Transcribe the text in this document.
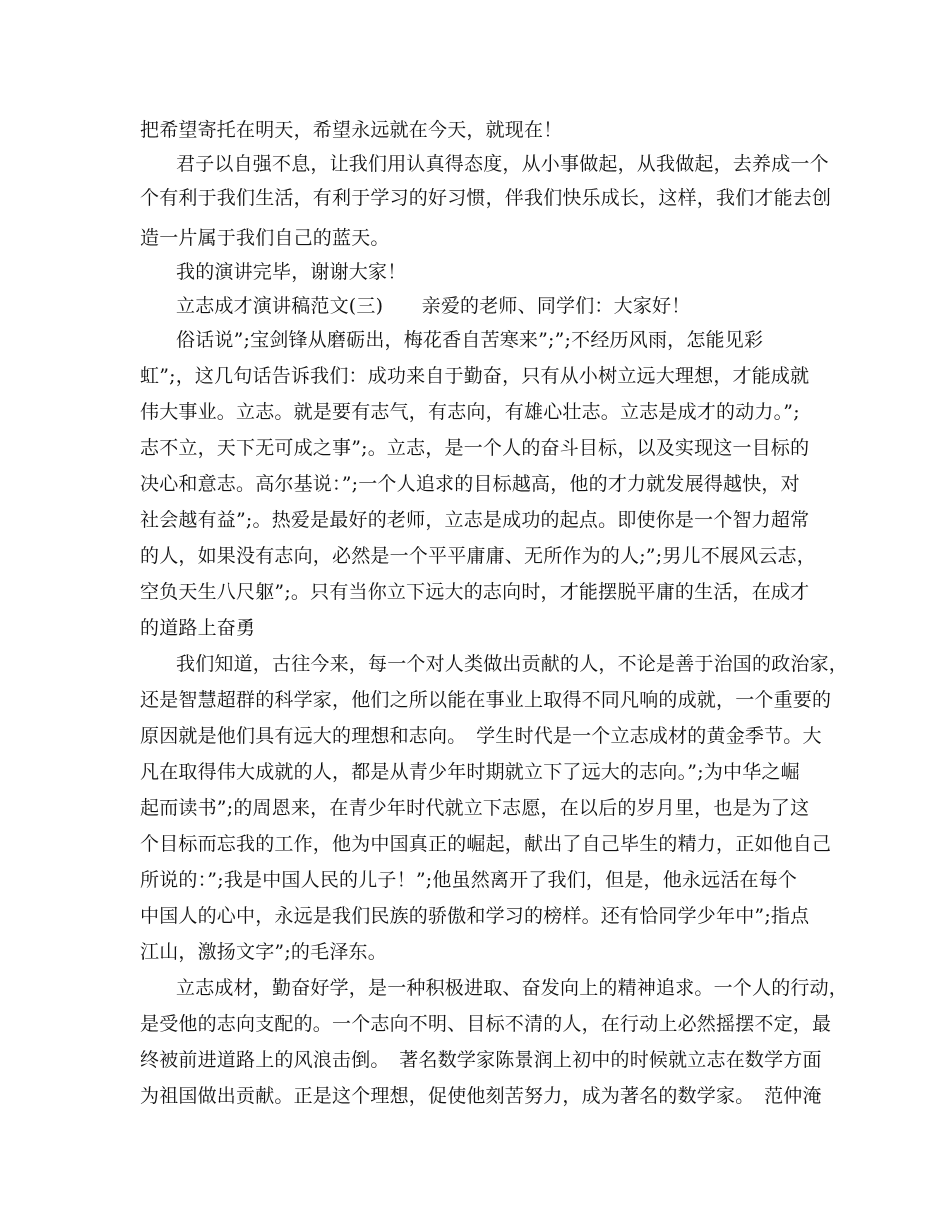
把希望寄托在明天，希望永远就在今天，就现在！

君子以自强不息，让我们用认真得态度，从小事做起，从我做起，去养成一个

个有利于我们生活，有利于学习的好习惯，伴我们快乐成长，这样，我们才能去创

造一片属于我们自己的蓝天。

我的演讲完毕，谢谢大家！

立志成才演讲稿范文(三)　　亲爱的老师、同学们：大家好！

俗话说”;宝剑锋从磨砺出，梅花香自苦寒来”;”;不经历风雨，怎能见彩

虹”;，这几句话告诉我们：成功来自于勤奋，只有从小树立远大理想，才能成就

伟大事业。立志。就是要有志气，有志向，有雄心壮志。立志是成才的动力。”;

志不立，天下无可成之事”;。立志，是一个人的奋斗目标，以及实现这一目标的

决心和意志。高尔基说：”;一个人追求的目标越高，他的才力就发展得越快，对

社会越有益”;。热爱是最好的老师，立志是成功的起点。即使你是一个智力超常

的人，如果没有志向，必然是一个平平庸庸、无所作为的人;”;男儿不展风云志，

空负天生八尺躯”;。只有当你立下远大的志向时，才能摆脱平庸的生活，在成才

的道路上奋勇

我们知道，古往今来，每一个对人类做出贡献的人，不论是善于治国的政治家，

还是智慧超群的科学家，他们之所以能在事业上取得不同凡响的成就，一个重要的

原因就是他们具有远大的理想和志向。　学生时代是一个立志成材的黄金季节。大

凡在取得伟大成就的人，都是从青少年时期就立下了远大的志向。”;为中华之崛

起而读书”;的周恩来，在青少年时代就立下志愿，在以后的岁月里，也是为了这

个目标而忘我的工作，他为中国真正的崛起，献出了自己毕生的精力，正如他自己

所说的：”;我是中国人民的儿子！”;他虽然离开了我们，但是，他永远活在每个

中国人的心中，永远是我们民族的骄傲和学习的榜样。还有恰同学少年中”;指点

江山，激扬文字”;的毛泽东。

立志成材，勤奋好学，是一种积极进取、奋发向上的精神追求。一个人的行动，

是受他的志向支配的。一个志向不明、目标不清的人，在行动上必然摇摆不定，最

终被前进道路上的风浪击倒。　著名数学家陈景润上初中的时候就立志在数学方面

为祖国做出贡献。正是这个理想，促使他刻苦努力，成为著名的数学家。　范仲淹
